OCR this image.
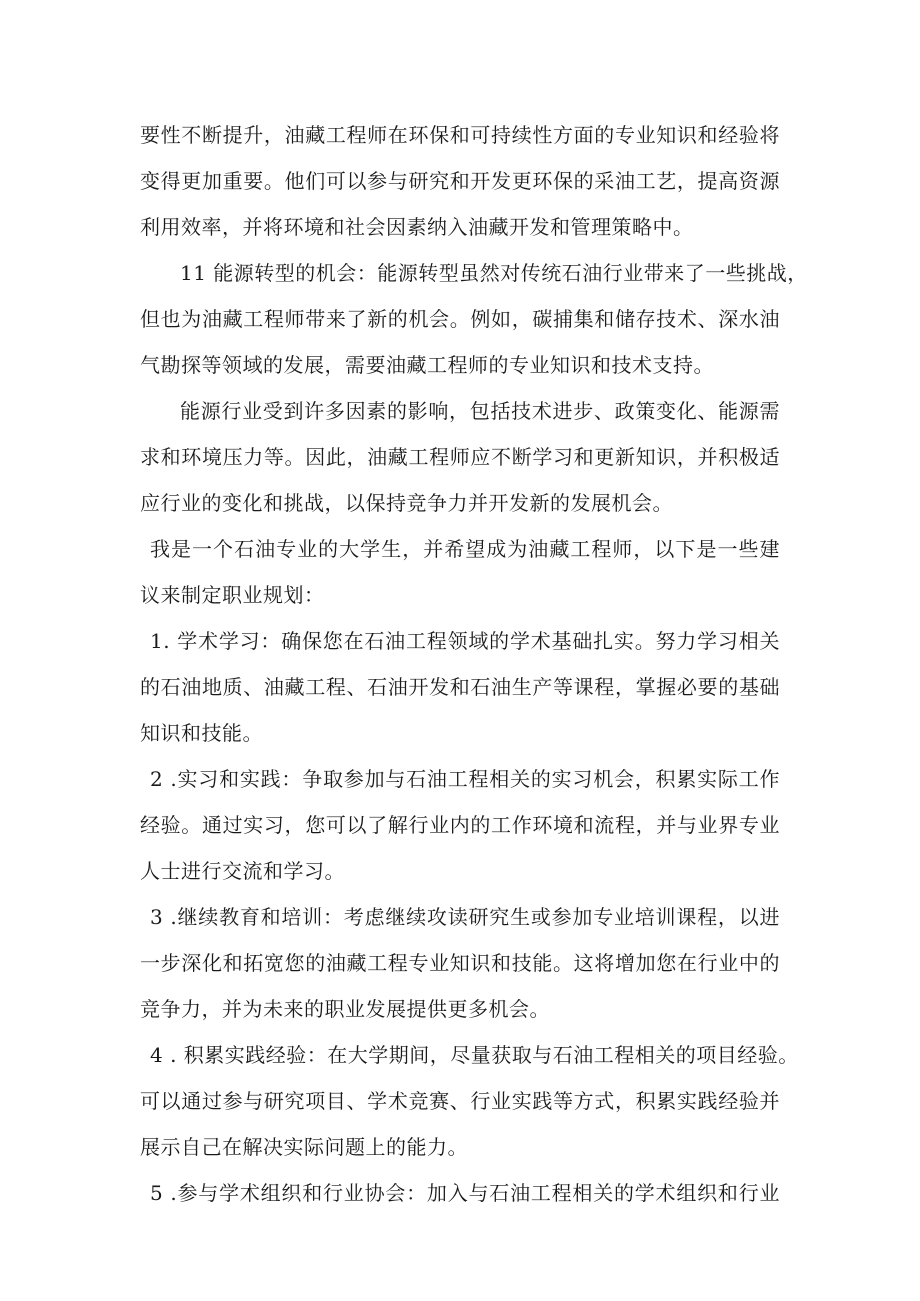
要性不断提升，油藏工程师在环保和可持续性方面的专业知识和经验将

变得更加重要。他们可以参与研究和开发更环保的采油工艺，提高资源

利用效率，并将环境和社会因素纳入油藏开发和管理策略中。

11 能源转型的机会：能源转型虽然对传统石油行业带来了一些挑战，

但也为油藏工程师带来了新的机会。例如，碳捕集和储存技术、深水油

气勘探等领域的发展，需要油藏工程师的专业知识和技术支持。

能源行业受到许多因素的影响，包括技术进步、政策变化、能源需

求和环境压力等。因此，油藏工程师应不断学习和更新知识，并积极适

应行业的变化和挑战，以保持竞争力并开发新的发展机会。

我是一个石油专业的大学生，并希望成为油藏工程师，以下是一些建

议来制定职业规划：

1. 学术学习：确保您在石油工程领域的学术基础扎实。努力学习相关

的石油地质、油藏工程、石油开发和石油生产等课程，掌握必要的基础

知识和技能。

2 .实习和实践：争取参加与石油工程相关的实习机会，积累实际工作

经验。通过实习，您可以了解行业内的工作环境和流程，并与业界专业

人士进行交流和学习。

3 .继续教育和培训：考虑继续攻读研究生或参加专业培训课程，以进

一步深化和拓宽您的油藏工程专业知识和技能。这将增加您在行业中的

竞争力，并为未来的职业发展提供更多机会。

4 . 积累实践经验：在大学期间，尽量获取与石油工程相关的项目经验。

可以通过参与研究项目、学术竞赛、行业实践等方式，积累实践经验并

展示自己在解决实际问题上的能力。

5 .参与学术组织和行业协会：加入与石油工程相关的学术组织和行业
